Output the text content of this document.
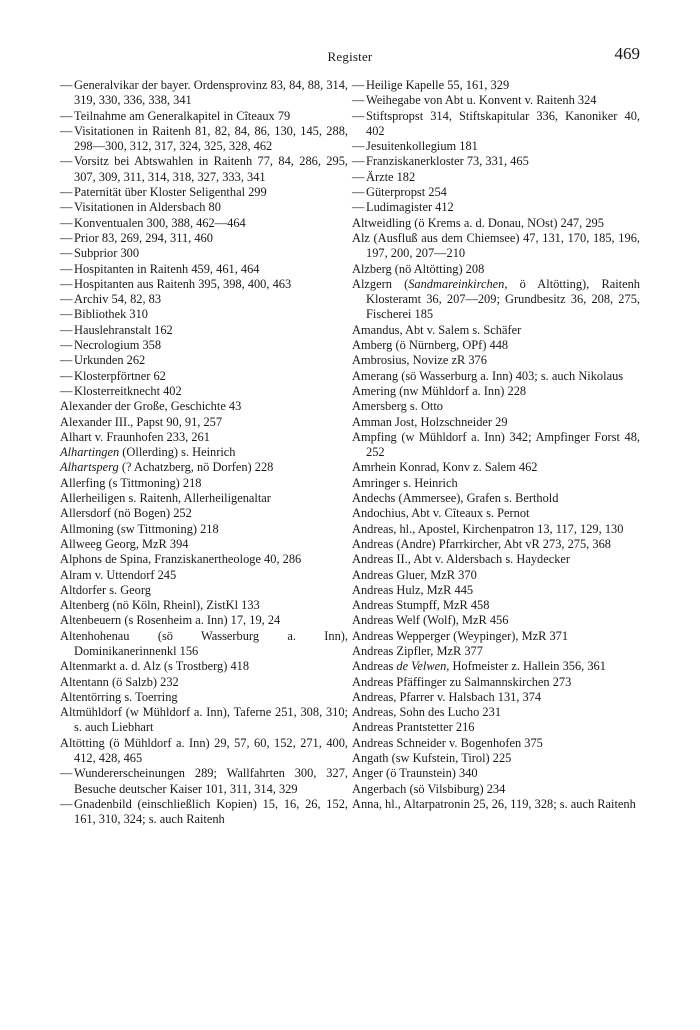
Register	469

— Generalvikar der bayer. Ordensprovinz 83, 84, 88, 314, 319, 330, 336, 338, 341

— Teilnahme am Generalkapitel in Cîteaux 79

— Visitationen in Raitenh 81, 82, 84, 86, 130, 145, 288, 298—300, 312, 317, 324, 325, 328, 462

— Vorsitz bei Abtswahlen in Raitenh 77, 84, 286, 295, 307, 309, 311, 314, 318, 327, 333, 341

— Paternität über Kloster Seligenthal 299

— Visitationen in Aldersbach 80

— Konventualen 300, 388, 462—464

— Prior 83, 269, 294, 311, 460

— Subprior 300

— Hospitanten in Raitenh 459, 461, 464

— Hospitanten aus Raitenh 395, 398, 400, 463

— Archiv 54, 82, 83

— Bibliothek 310

— Hauslehranstalt 162

— Necrologium 358

— Urkunden 262

— Klosterpförtner 62

— Klosterreitknecht 402

Alexander der Große, Geschichte 43

Alexander III., Papst 90, 91, 257

Alhart v. Fraunhofen 233, 261

Alhartingen (Ollerding) s. Heinrich

Alhartsperg (? Achatzberg, nö Dorfen) 228

Allerfing (s Tittmoning) 218

Allerheiligen s. Raitenh, Allerheiligenaltar

Allersdorf (nö Bogen) 252

Allmoning (sw Tittmoning) 218

Allweeg Georg, MzR 394

Alphons de Spina, Franziskanertheologe 40, 286

Alram v. Uttendorf 245

Altdorfer s. Georg

Altenberg (nö Köln, Rheinl), ZistKl 133

Altenbeuern (s Rosenheim a. Inn) 17, 19, 24

Altenhohenau (sö Wasserburg a. Inn), Dominikanerinnenkl 156

Altenmarkt a. d. Alz (s Trostberg) 418

Altentann (ö Salzb) 232

Altentörring s. Toerring

Altmühldorf (w Mühldorf a. Inn), Taferne 251, 308, 310; s. auch Liebhart

Altötting (ö Mühldorf a. Inn) 29, 57, 60, 152, 271, 400, 412, 428, 465

— Wundererscheinungen 289; Wallfahrten 300, 327, Besuche deutscher Kaiser 101, 311, 314, 329

— Gnadenbild (einschließlich Kopien) 15, 16, 26, 152, 161, 310, 324; s. auch Raitenh

— Heilige Kapelle 55, 161, 329

— Weihegabe von Abt u. Konvent v. Raitenh 324

— Stiftspropst 314, Stiftskapitular 336, Kanoniker 40, 402

— Jesuitenkollegium 181

— Franziskanerkloster 73, 331, 465

— Ärzte 182

— Güterpropst 254

— Ludimagister 412

Altweidling (ö Krems a. d. Donau, NOst) 247, 295

Alz (Ausfluß aus dem Chiemsee) 47, 131, 170, 185, 196, 197, 200, 207—210

Alzberg (nö Altötting) 208

Alzgern (Sandmareinkirchen, ö Altötting), Raitenh Klosteramt 36, 207—209; Grundbesitz 36, 208, 275, Fischerei 185

Amandus, Abt v. Salem s. Schäfer

Amberg (ö Nürnberg, OPf) 448

Ambrosius, Novize zR 376

Amerang (sö Wasserburg a. Inn) 403; s. auch Nikolaus

Amering (nw Mühldorf a. Inn) 228

Amersberg s. Otto

Amman Jost, Holzschneider 29

Ampfing (w Mühldorf a. Inn) 342; Ampfinger Forst 48, 252

Amrhein Konrad, Konv z. Salem 462

Amringer s. Heinrich

Andechs (Ammersee), Grafen s. Berthold

Andochius, Abt v. Cîteaux s. Pernot

Andreas, hl., Apostel, Kirchenpatron 13, 117, 129, 130

Andreas (Andre) Pfarrkircher, Abt vR 273, 275, 368

Andreas II., Abt v. Aldersbach s. Haydecker

Andreas Gluer, MzR 370

Andreas Hulz, MzR 445

Andreas Stumpff, MzR 458

Andreas Welf (Wolf), MzR 456

Andreas Wepperger (Weypinger), MzR 371

Andreas Zipfler, MzR 377

Andreas de Velwen, Hofmeister z. Hallein 356, 361

Andreas Pfäffinger zu Salmannskirchen 273

Andreas, Pfarrer v. Halsbach 131, 374

Andreas, Sohn des Lucho 231

Andreas Prantstetter 216

Andreas Schneider v. Bogenhofen 375

Angath (sw Kufstein, Tirol) 225

Anger (ö Traunstein) 340

Angerbach (sö Vilsbiburg) 234

Anna, hl., Altarpatronin 25, 26, 119, 328; s. auch Raitenh
